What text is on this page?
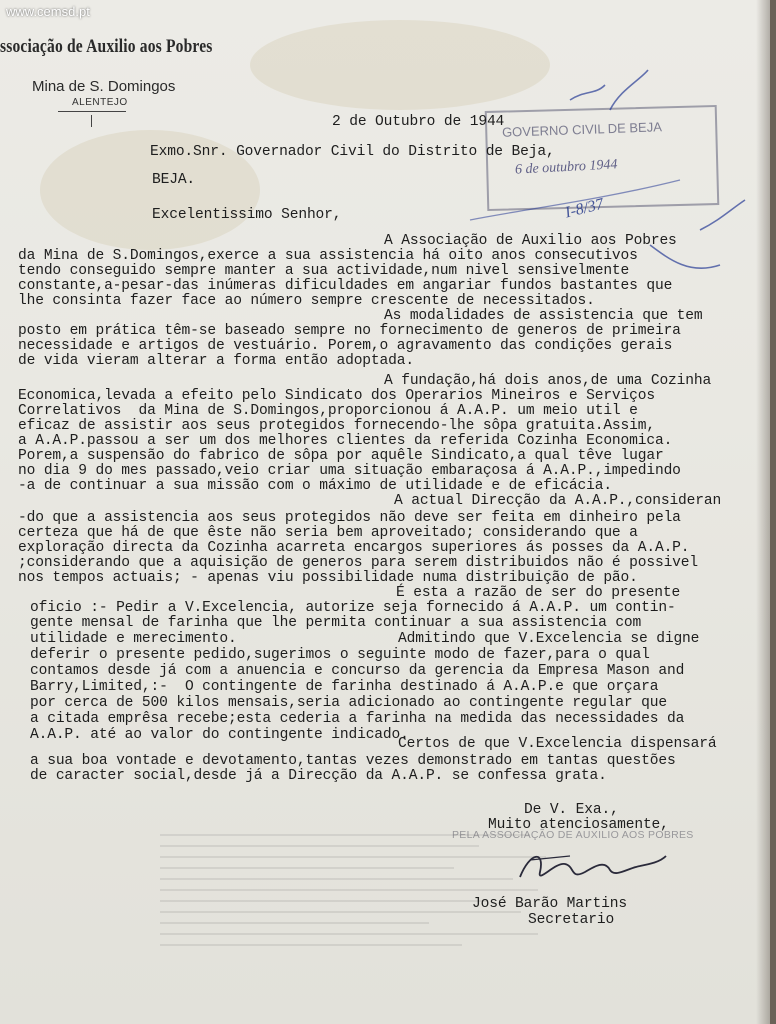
www.cemsd.pt
ssociação de Auxilio aos Pobres
Mina de S. Domingos
ALENTEJO
GOVERNO CIVIL DE BEJA
6 de outubro 1944
I-8/37
2 de Outubro de 1944
Exmo.Snr. Governador Civil do Distrito de Beja,
BEJA.
Excelentissimo Senhor,
A Associação de Auxilio aos Pobres
da Mina de S.Domingos,exerce a sua assistencia há oito anos consecutivos
tendo conseguido sempre manter a sua actividade,num nivel sensivelmente
constante,a-pesar-das inúmeras dificuldades em angariar fundos bastantes que
lhe consinta fazer face ao número sempre crescente de necessitados.
As modalidades de assistencia que tem
posto em prática têm-se baseado sempre no fornecimento de generos de primeira
necessidade e artigos de vestuário. Porem,o agravamento das condições gerais
de vida vieram alterar a forma então adoptada.
A fundação,há dois anos,de uma Cozinha
Economica,levada a efeito pelo Sindicato dos Operarios Mineiros e Serviços
Correlativos  da Mina de S.Domingos,proporcionou á A.A.P. um meio util e
eficaz de assistir aos seus protegidos fornecendo-lhe sôpa gratuita.Assim,
a A.A.P.passou a ser um dos melhores clientes da referida Cozinha Economica.
Porem,a suspensão do fabrico de sôpa por aquêle Sindicato,a qual têve lugar
no dia 9 do mes passado,veio criar uma situação embaraçosa á A.A.P.,impedindo
-a de continuar a sua missão com o máximo de utilidade e de eficácia.
A actual Direcção da A.A.P.,consideran
-do que a assistencia aos seus protegidos não deve ser feita em dinheiro pela
certeza que há de que êste não seria bem aproveitado; considerando que a
exploração directa da Cozinha acarreta encargos superiores ás posses da A.A.P.
;considerando que a aquisição de generos para serem distribuidos não é possivel
nos tempos actuais; - apenas viu possibilidade numa distribuição de pão.
É esta a razão de ser do presente
oficio :- Pedir a V.Excelencia, autorize seja fornecido á A.A.P. um contin-
gente mensal de farinha que lhe permita continuar a sua assistencia com
utilidade e merecimento.	Admitindo que V.Excelencia se digne
deferir o presente pedido,sugerimos o seguinte modo de fazer,para o qual
contamos desde já com a anuencia e concurso da gerencia da Empresa Mason and
Barry,Limited,:-  O contingente de farinha destinado á A.A.P.e que orçara
por cerca de 500 kilos mensais,seria adicionado ao contingente regular que
a citada emprêsa recebe;esta cederia a farinha na medida das necessidades da
A.A.P. até ao valor do contingente indicado.
Certos de que V.Excelencia dispensará
a sua boa vontade e devotamento,tantas vezes demonstrado em tantas questões
de caracter social,desde já a Direcção da A.A.P. se confessa grata.
De V. Exa.,
Muito atenciosamente,
José Barão Martins
Secretario
PELA ASSOCIAÇÃO DE AUXILIO AOS POBRES
